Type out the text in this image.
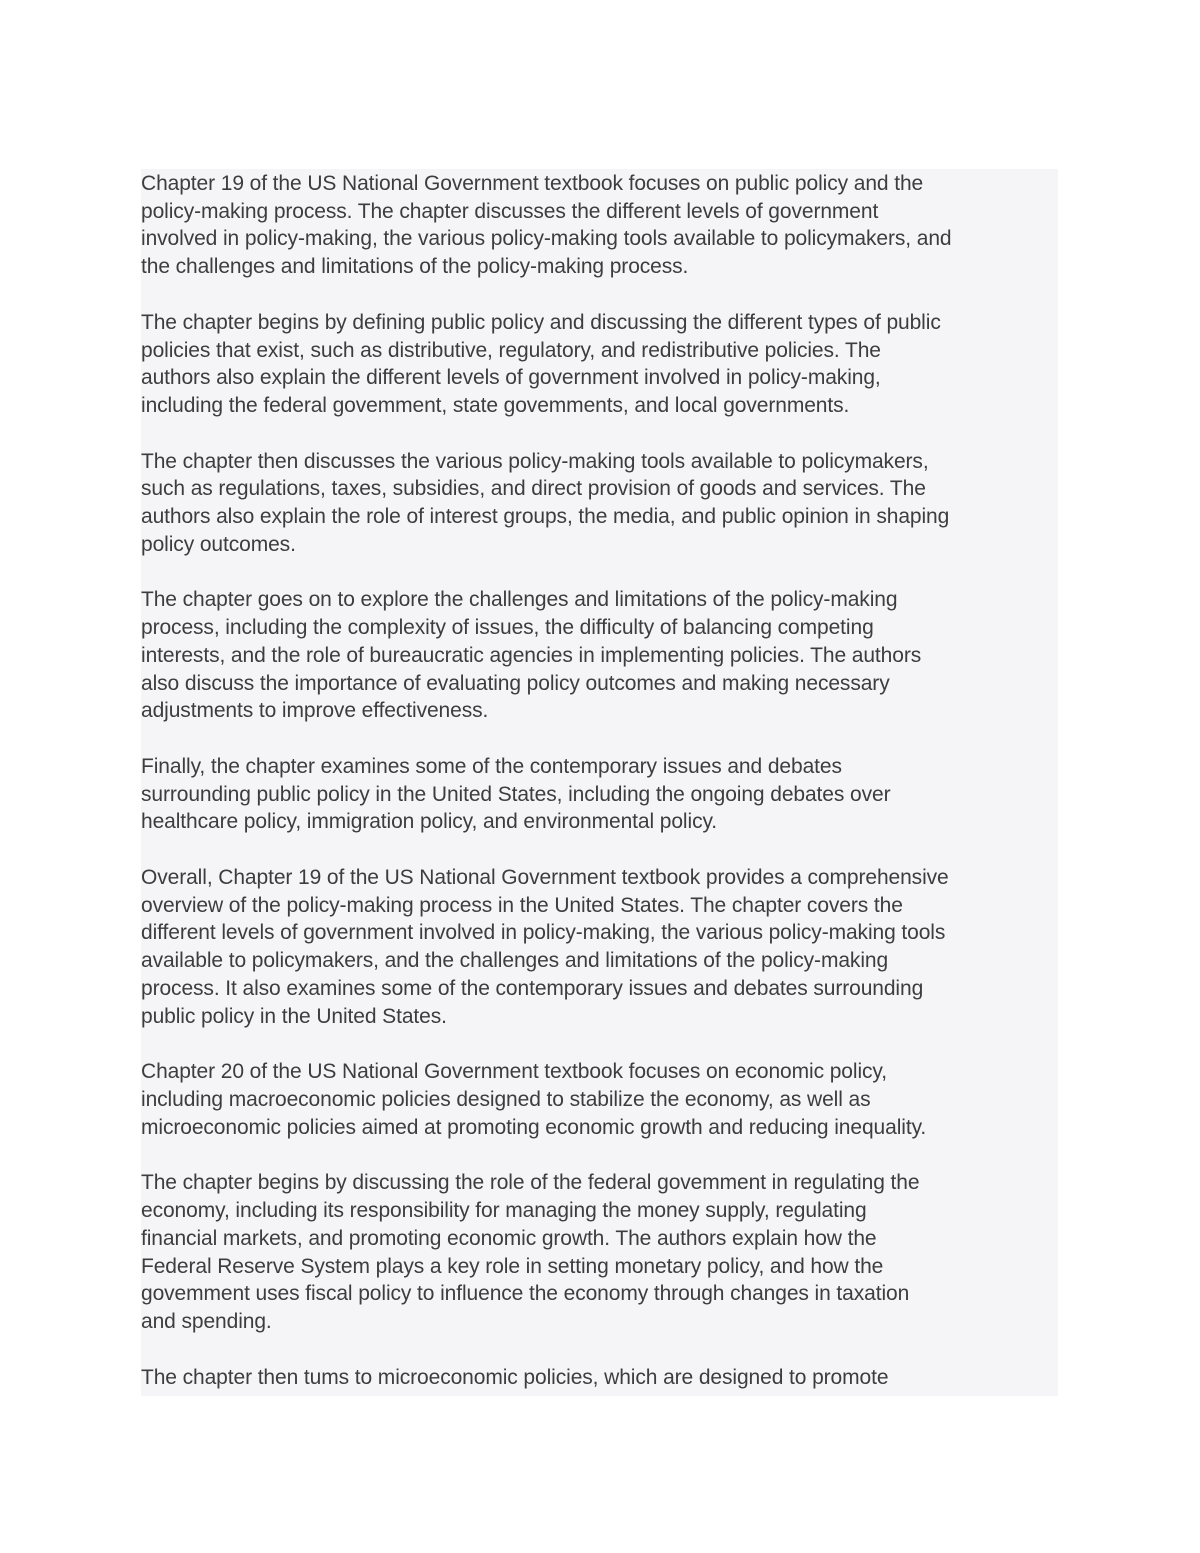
Chapter 19 of the US National Government textbook focuses on public policy and the
policy-making process. The chapter discusses the different levels of government
involved in policy-making, the various policy-making tools available to policymakers, and
the challenges and limitations of the policy-making process.

The chapter begins by defining public policy and discussing the different types of public
policies that exist, such as distributive, regulatory, and redistributive policies. The
authors also explain the different levels of government involved in policy-making,
including the federal govemment, state govemments, and local governments.

The chapter then discusses the various policy-making tools available to policymakers,
such as regulations, taxes, subsidies, and direct provision of goods and services. The
authors also explain the role of interest groups, the media, and public opinion in shaping
policy outcomes.

The chapter goes on to explore the challenges and limitations of the policy-making
process, including the complexity of issues, the difficulty of balancing competing
interests, and the role of bureaucratic agencies in implementing policies. The authors
also discuss the importance of evaluating policy outcomes and making necessary
adjustments to improve effectiveness.

Finally, the chapter examines some of the contemporary issues and debates
surrounding public policy in the United States, including the ongoing debates over
healthcare policy, immigration policy, and environmental policy.

Overall, Chapter 19 of the US National Government textbook provides a comprehensive
overview of the policy-making process in the United States. The chapter covers the
different levels of government involved in policy-making, the various policy-making tools
available to policymakers, and the challenges and limitations of the policy-making
process. It also examines some of the contemporary issues and debates surrounding
public policy in the United States.

Chapter 20 of the US National Government textbook focuses on economic policy,
including macroeconomic policies designed to stabilize the economy, as well as
microeconomic policies aimed at promoting economic growth and reducing inequality.

The chapter begins by discussing the role of the federal govemment in regulating the
economy, including its responsibility for managing the money supply, regulating
financial markets, and promoting economic growth. The authors explain how the
Federal Reserve System plays a key role in setting monetary policy, and how the
govemment uses fiscal policy to influence the economy through changes in taxation
and spending.

The chapter then tums to microeconomic policies, which are designed to promote
